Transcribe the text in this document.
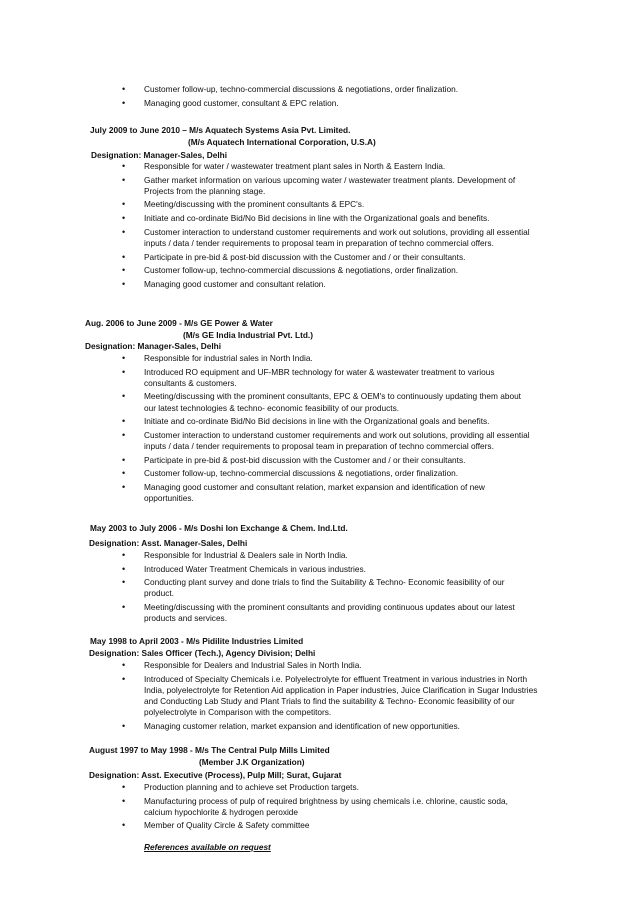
• Customer follow-up, techno-commercial discussions & negotiations, order finalization.
• Managing good customer, consultant & EPC relation.
July 2009 to June 2010 – M/s Aquatech Systems Asia Pvt. Limited.
(M/s Aquatech International Corporation, U.S.A)
Designation: Manager-Sales, Delhi
• Responsible for water / wastewater treatment plant sales in North & Eastern India.
• Gather market information on various upcoming water / wastewater treatment plants. Development of Projects from the planning stage.
• Meeting/discussing with the prominent consultants & EPC's.
• Initiate and co-ordinate Bid/No Bid decisions in line with the Organizational goals and benefits.
• Customer interaction to understand customer requirements and work out solutions, providing all essential inputs / data / tender requirements to proposal team in preparation of techno commercial offers.
• Participate in pre-bid & post-bid discussion with the Customer and / or their consultants.
• Customer follow-up, techno-commercial discussions & negotiations, order finalization.
• Managing good customer and consultant relation.
Aug. 2006 to June 2009 - M/s GE Power & Water
(M/s GE India Industrial Pvt. Ltd.)
Designation: Manager-Sales, Delhi
• Responsible for industrial sales in North India.
• Introduced RO equipment and UF-MBR technology for water & wastewater treatment to various consultants & customers.
• Meeting/discussing with the prominent consultants, EPC & OEM's to continuously updating them about our latest technologies & techno- economic feasibility of our products.
• Initiate and co-ordinate Bid/No Bid decisions in line with the Organizational goals and benefits.
• Customer interaction to understand customer requirements and work out solutions, providing all essential inputs / data / tender requirements to proposal team in preparation of techno commercial offers.
• Participate in pre-bid & post-bid discussion with the Customer and / or their consultants.
• Customer follow-up, techno-commercial discussions & negotiations, order finalization.
• Managing good customer and consultant relation, market expansion and identification of new opportunities.
May 2003 to July 2006 - M/s Doshi Ion Exchange & Chem. Ind.Ltd.
Designation: Asst. Manager-Sales, Delhi
• Responsible for Industrial & Dealers sale in North India.
• Introduced Water Treatment Chemicals in various industries.
• Conducting plant survey and done trials to find the Suitability & Techno- Economic feasibility of our product.
• Meeting/discussing with the prominent consultants and providing continuous updates about our latest products and services.
May 1998 to April 2003 - M/s Pidilite Industries Limited
Designation: Sales Officer (Tech.), Agency Division; Delhi
• Responsible for Dealers and Industrial Sales in North India.
• Introduced of Specialty Chemicals i.e. Polyelectrolyte for effluent Treatment in various industries in North India, polyelectrolyte for Retention Aid application in Paper industries, Juice Clarification in Sugar Industries and Conducting Lab Study and Plant Trials to find the suitability & Techno- Economic feasibility of our polyelectrolyte in Comparison with the competitors.
• Managing customer relation, market expansion and identification of new opportunities.
August 1997 to May 1998 - M/s The Central Pulp Mills Limited
(Member J.K Organization)
Designation: Asst. Executive (Process), Pulp Mill; Surat, Gujarat
• Production planning and to achieve set Production targets.
• Manufacturing process of pulp of required brightness by using chemicals i.e. chlorine, caustic soda, calcium hypochlorite & hydrogen peroxide
• Member of Quality Circle & Safety committee
References available on request
